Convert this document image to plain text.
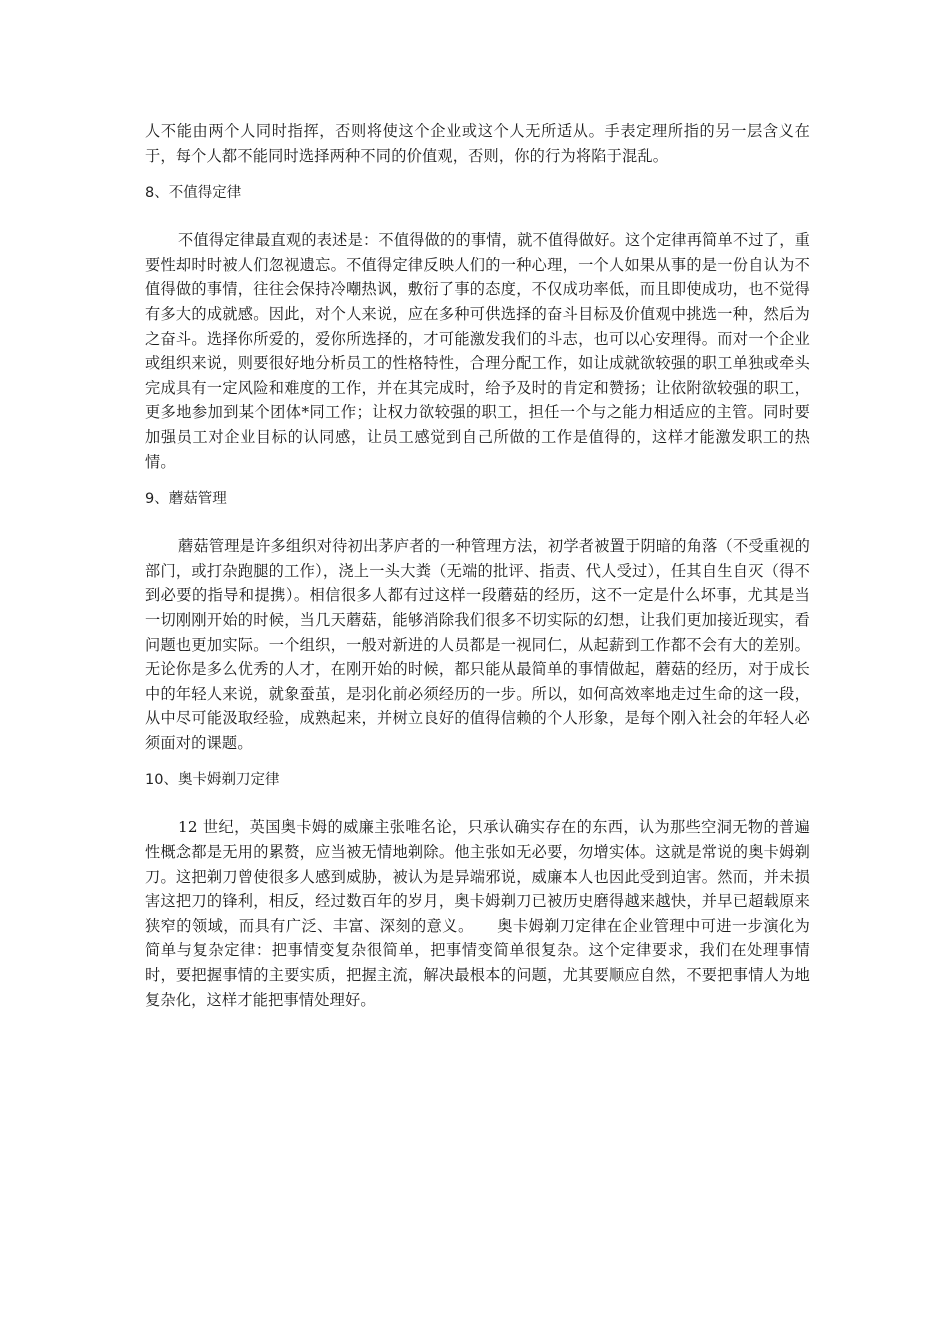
人不能由两个人同时指挥，否则将使这个企业或这个人无所适从。手表定理所指的另一层含义在于，每个人都不能同时选择两种不同的价值观，否则，你的行为将陷于混乱。

8、不值得定律

不值得定律最直观的表述是：不值得做的的事情，就不值得做好。这个定律再简单不过了，重要性却时时被人们忽视遗忘。不值得定律反映人们的一种心理，一个人如果从事的是一份自认为不值得做的事情，往往会保持冷嘲热讽，敷衍了事的态度，不仅成功率低，而且即使成功，也不觉得有多大的成就感。因此，对个人来说，应在多种可供选择的奋斗目标及价值观中挑选一种，然后为之奋斗。选择你所爱的，爱你所选择的，才可能激发我们的斗志，也可以心安理得。而对一个企业或组织来说，则要很好地分析员工的性格特性，合理分配工作，如让成就欲较强的职工单独或牵头完成具有一定风险和难度的工作，并在其完成时，给予及时的肯定和赞扬；让依附欲较强的职工，更多地参加到某个团体*同工作；让权力欲较强的职工，担任一个与之能力相适应的主管。同时要加强员工对企业目标的认同感，让员工感觉到自己所做的工作是值得的，这样才能激发职工的热情。

9、蘑菇管理

蘑菇管理是许多组织对待初出茅庐者的一种管理方法，初学者被置于阴暗的角落（不受重视的部门，或打杂跑腿的工作），浇上一头大粪（无端的批评、指责、代人受过），任其自生自灭（得不到必要的指导和提携）。相信很多人都有过这样一段蘑菇的经历，这不一定是什么坏事，尤其是当一切刚刚开始的时候，当几天蘑菇，能够消除我们很多不切实际的幻想，让我们更加接近现实，看问题也更加实际。一个组织，一般对新进的人员都是一视同仁，从起薪到工作都不会有大的差别。无论你是多么优秀的人才，在刚开始的时候，都只能从最简单的事情做起，蘑菇的经历，对于成长中的年轻人来说，就象蚕茧，是羽化前必须经历的一步。所以，如何高效率地走过生命的这一段，从中尽可能汲取经验，成熟起来，并树立良好的值得信赖的个人形象，是每个刚入社会的年轻人必须面对的课题。

10、奥卡姆剃刀定律

12 世纪，英国奥卡姆的威廉主张唯名论，只承认确实存在的东西，认为那些空洞无物的普遍性概念都是无用的累赘，应当被无情地剃除。他主张如无必要，勿增实体。这就是常说的奥卡姆剃刀。这把剃刀曾使很多人感到威胁，被认为是异端邪说，威廉本人也因此受到迫害。然而，并未损害这把刀的锋利，相反，经过数百年的岁月，奥卡姆剃刀已被历史磨得越来越快，并早已超载原来狭窄的领域，而具有广泛、丰富、深刻的意义。　　奥卡姆剃刀定律在企业管理中可进一步演化为简单与复杂定律：把事情变复杂很简单，把事情变简单很复杂。这个定律要求，我们在处理事情时，要把握事情的主要实质，把握主流，解决最根本的问题，尤其要顺应自然，不要把事情人为地复杂化，这样才能把事情处理好。
